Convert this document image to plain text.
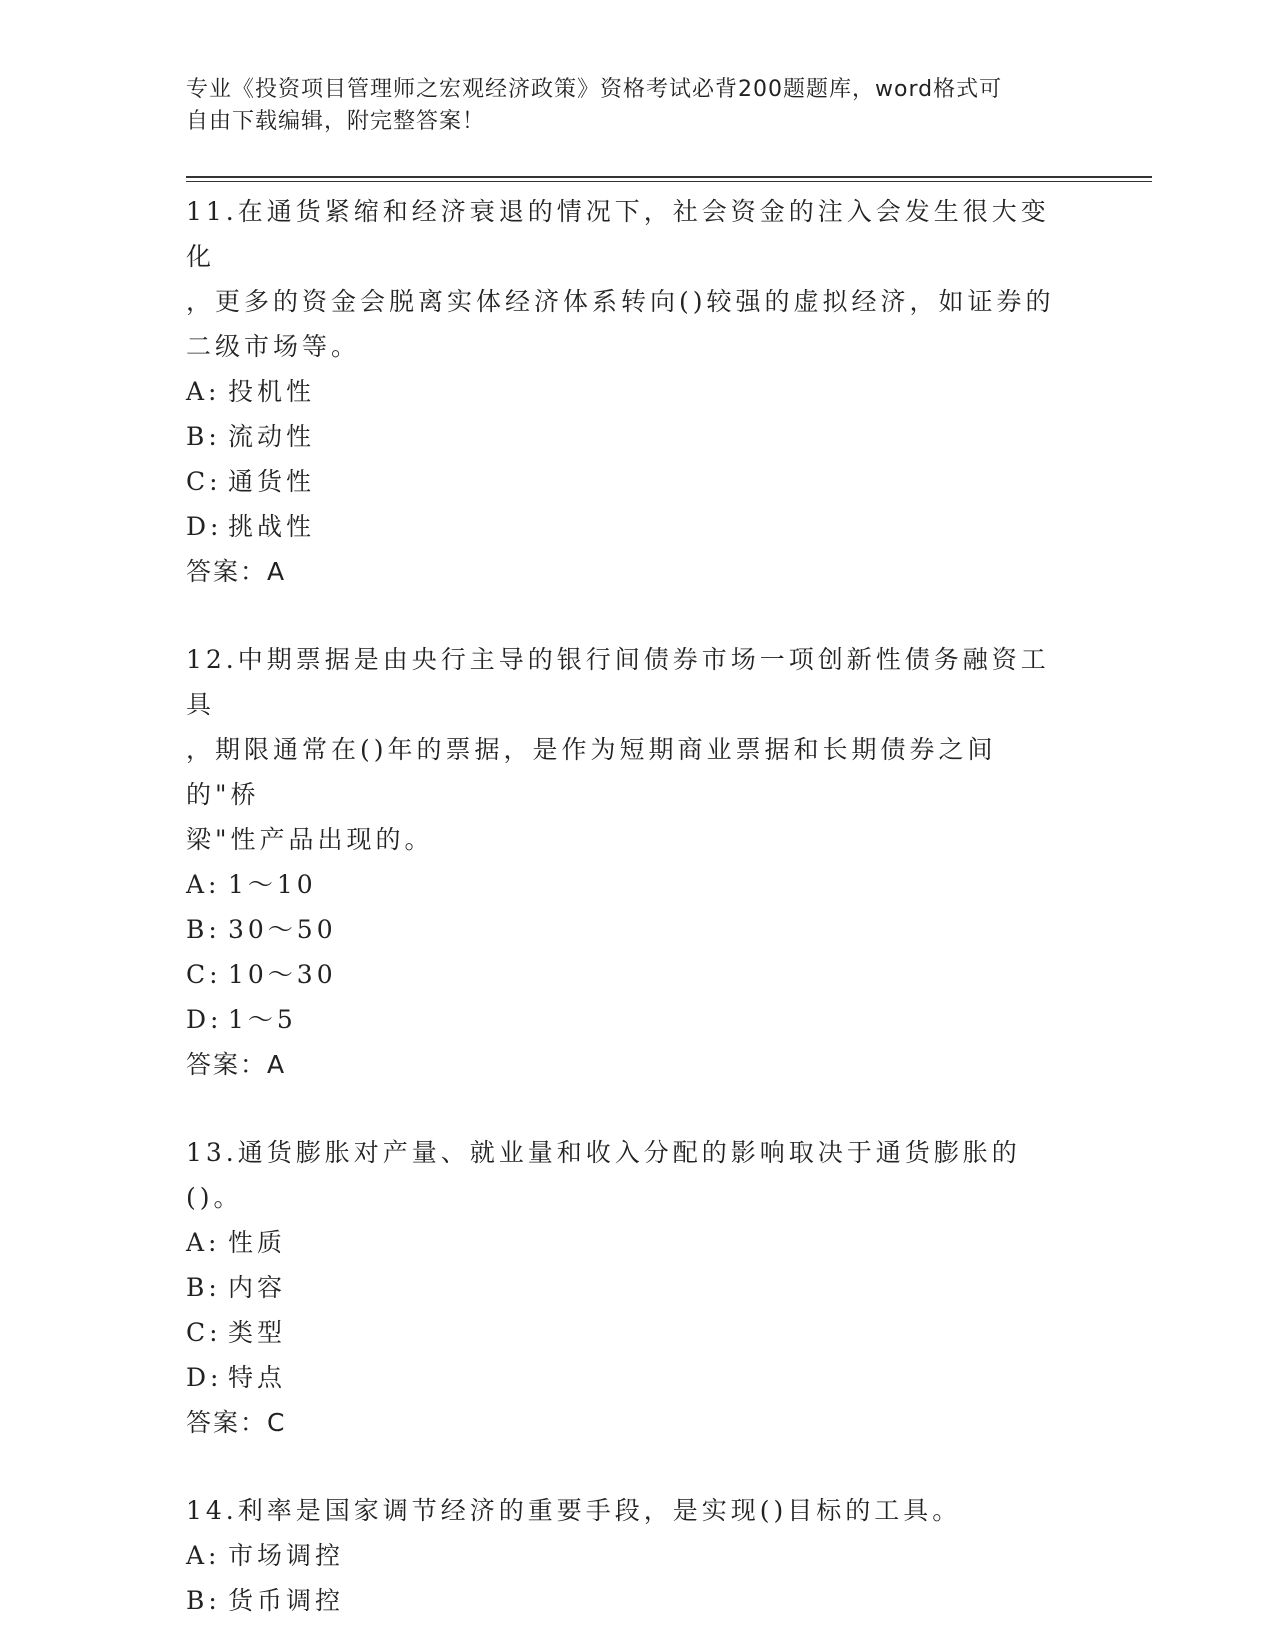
专业《投资项目管理师之宏观经济政策》资格考试必背200题题库，word格式可
自由下载编辑，附完整答案！

11.在通货紧缩和经济衰退的情况下，社会资金的注入会发生很大变化

，更多的资金会脱离实体经济体系转向()较强的虚拟经济，如证券的

二级市场等。

A: 投机性

B: 流动性

C: 通货性

D: 挑战性

答案：A

12.中期票据是由央行主导的银行间债券市场一项创新性债务融资工具

，期限通常在()年的票据，是作为短期商业票据和长期债券之间的"桥

梁"性产品出现的。

A: 1～10

B: 30～50

C: 10～30

D: 1～5

答案：A

13.通货膨胀对产量、就业量和收入分配的影响取决于通货膨胀的()。

A: 性质

B: 内容

C: 类型

D: 特点

答案：C

14.利率是国家调节经济的重要手段，是实现()目标的工具。

A: 市场调控

B: 货币调控
